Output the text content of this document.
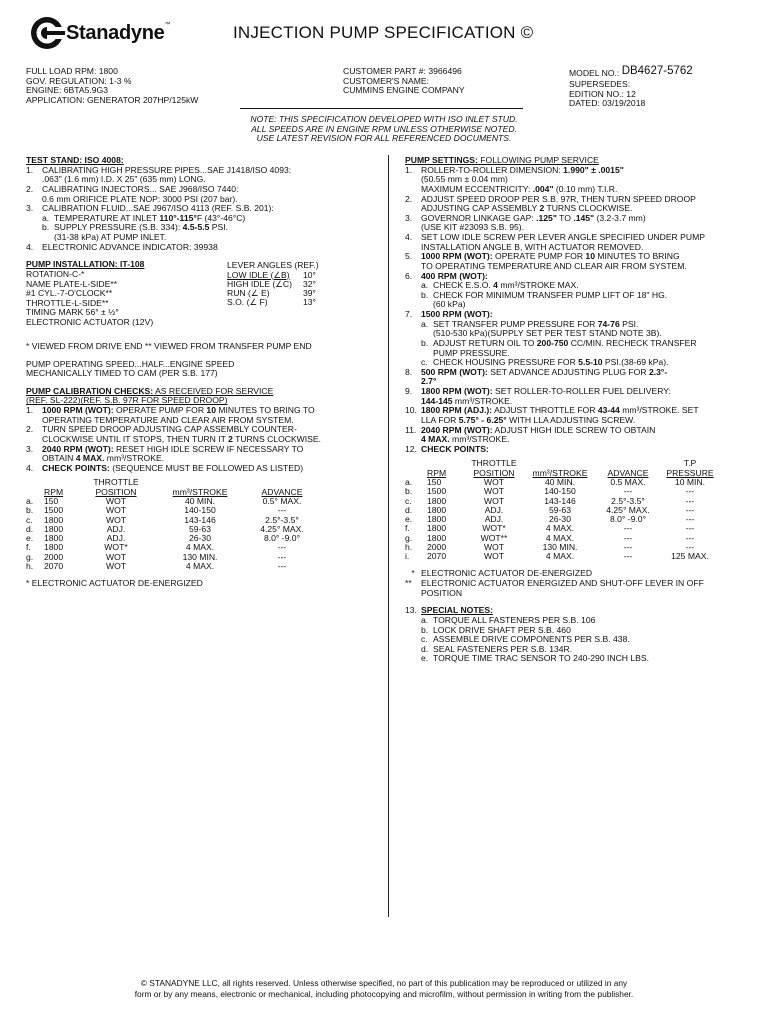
Stanadyne™	INJECTION PUMP SPECIFICATION ©
FULL LOAD RPM: 1800
GOV. REGULATION: 1-3 %
ENGINE: 6BTA5.9G3
APPLICATION: GENERATOR 207HP/125kW
CUSTOMER PART #: 3966496
CUSTOMER'S NAME:
CUMMINS ENGINE COMPANY
MODEL NO.: DB4627-5762
SUPERSEDES:
EDITION NO.: 12
DATED: 03/19/2018
NOTE: THIS SPECIFICATION DEVELOPED WITH ISO INLET STUD.
ALL SPEEDS ARE IN ENGINE RPM UNLESS OTHERWISE NOTED.
USE LATEST REVISION FOR ALL REFERENCED DOCUMENTS.
TEST STAND: ISO 4008:
1.	CALIBRATING HIGH PRESSURE PIPES...SAE J1418/ISO 4093:
.063" (1.6 mm) I.D. X 25" (635 mm) LONG.
2.	CALIBRATING INJECTORS... SAE J968/ISO 7440:
0.6 mm ORIFICE PLATE NOP: 3000 PSI (207 bar).
3.	CALIBRATION FLUID...SAE J967/ISO 4113 (REF. S.B. 201):
a. TEMPERATURE AT INLET 110°-115°F (43°-46°C)
b. SUPPLY PRESSURE (S.B. 334): 4.5-5.5 PSI.
(31-38 kPa) AT PUMP INLET.
4.	ELECTRONIC ADVANCE INDICATOR: 39938
PUMP INSTALLATION: IT-108
ROTATION-C-*
NAME PLATE-L-SIDE**
#1 CYL.-7-O'CLOCK**
THROTTLE-L-SIDE**
TIMING MARK 56° ± ½°
ELECTRONIC ACTUATOR (12V)
LEVER ANGLES (REF.)
LOW IDLE (∠B)	10°
HIGH IDLE (∠C)	32°
RUN (∠ E)	39°
S.O. (∠ F)	13°
* VIEWED FROM DRIVE END ** VIEWED FROM TRANSFER PUMP END
PUMP OPERATING SPEED...HALF...ENGINE SPEED
MECHANICALLY TIMED TO CAM (PER S.B. 177)
PUMP CALIBRATION CHECKS: AS RECEIVED FOR SERVICE
(REF. SL-222)(REF. S.B. 97R FOR SPEED DROOP)
1.	1000 RPM (WOT): OPERATE PUMP FOR 10 MINUTES TO BRING TO
OPERATING TEMPERATURE AND CLEAR AIR FROM SYSTEM.
2.	TURN SPEED DROOP ADJUSTING CAP ASSEMBLY COUNTER-
CLOCKWISE UNTIL IT STOPS, THEN TURN IT 2 TURNS CLOCKWISE.
3.	2040 RPM (WOT): RESET HIGH IDLE SCREW IF NECESSARY TO
OBTAIN 4 MAX. mm³/STROKE.
4.	CHECK POINTS: (SEQUENCE MUST BE FOLLOWED AS LISTED)
		THROTTLE				
	RPM	POSITION		mm³/STROKE		ADVANCE
a.	150	WOT		40 MIN.		0.5° MAX.
b.	1500	WOT		140-150		---
c.	1800	WOT		143-146		2.5°-3.5°
d.	1800	ADJ.		59-63		4.25° MAX.
e.	1800	ADJ.		26-30		8.0° -9.0°
f.	1800	WOT*		4 MAX.		---
g.	2000	WOT		130 MIN.		---
h.	2070	WOT		4 MAX.		---
* ELECTRONIC ACTUATOR DE-ENERGIZED
PUMP SETTINGS: FOLLOWING PUMP SERVICE
1.	ROLLER-TO-ROLLER DIMENSION: 1.990" ± .0015"
(50.55 mm ± 0.04 mm)
MAXIMUM ECCENTRICITY: .004" (0.10 mm) T.I.R.
2.	ADJUST SPEED DROOP PER S.B. 97R, THEN TURN SPEED DROOP
ADJUSTING CAP ASSEMBLY 2 TURNS CLOCKWISE.
3.	GOVERNOR LINKAGE GAP: .125" TO .145" (3.2-3.7 mm)
(USE KIT #23093 S.B. 95).
4.	SET LOW IDLE SCREW PER LEVER ANGLE SPECIFIED UNDER PUMP
INSTALLATION ANGLE B, WITH ACTUATOR REMOVED.
5.	1000 RPM (WOT): OPERATE PUMP FOR 10 MINUTES TO BRING
TO OPERATING TEMPERATURE AND CLEAR AIR FROM SYSTEM.
6.	400 RPM (WOT):
a. CHECK E.S.O. 4 mm³/STROKE MAX.
b. CHECK FOR MINIMUM TRANSFER PUMP LIFT OF 18" HG.
(60 kPa)
7.	1500 RPM (WOT):
a. SET TRANSFER PUMP PRESSURE FOR 74-76 PSI.
(510-530 kPa)(SUPPLY SET PER TEST STAND NOTE 3B).
b. ADJUST RETURN OIL TO 200-750 CC/MIN. RECHECK TRANSFER
PUMP PRESSURE.
c. CHECK HOUSING PRESSURE FOR 5.5-10 PSI.(38-69 kPa).
8.	500 RPM (WOT): SET ADVANCE ADJUSTING PLUG FOR 2.3°-
2.7°
9.	1800 RPM (WOT): SET ROLLER-TO-ROLLER FUEL DELIVERY:
144-145 mm³/STROKE.
10. 1800 RPM (ADJ.): ADJUST THROTTLE FOR 43-44 mm³/STROKE. SET
LLA FOR 5.75° - 6.25° WITH LLA ADJUSTING SCREW.
11. 2040 RPM (WOT): ADJUST HIGH IDLE SCREW TO OBTAIN
4 MAX. mm³/STROKE.
12. CHECK POINTS:
		THROTTLE						T.P
	RPM	POSITION		mm³/STROKE		ADVANCE		PRESSURE
a.	150	WOT		40 MIN.		0.5 MAX.		10 MIN.
b.	1500	WOT		140-150		---		---
c.	1800	WOT		143-146		2.5°-3.5°		---
d.	1800	ADJ.		59-63		4.25° MAX.		---
e.	1800	ADJ.		26-30		8.0° -9.0°		---
f.	1800	WOT*		4 MAX.		---		---
g.	1800	WOT**		4 MAX.		---		---
h.	2000	WOT		130 MIN.		---		---
i.	2070	WOT		4 MAX.		---		125 MAX.
* ELECTRONIC ACTUATOR DE-ENERGIZED
**	ELECTRONIC ACTUATOR ENERGIZED AND SHUT-OFF LEVER IN OFF
POSITION
13. SPECIAL NOTES:
a. TORQUE ALL FASTENERS PER S.B. 106
b. LOCK DRIVE SHAFT PER S.B. 460
c. ASSEMBLE DRIVE COMPONENTS PER S.B. 438.
d. SEAL FASTENERS PER S.B. 134R.
e. TORQUE TIME TRAC SENSOR TO 240-290 INCH LBS.
© STANADYNE LLC, all rights reserved. Unless otherwise specified, no part of this publication may be reproduced or utilized in any
form or by any means, electronic or mechanical, including photocopying and microfilm, without permission in writing from the publisher.
